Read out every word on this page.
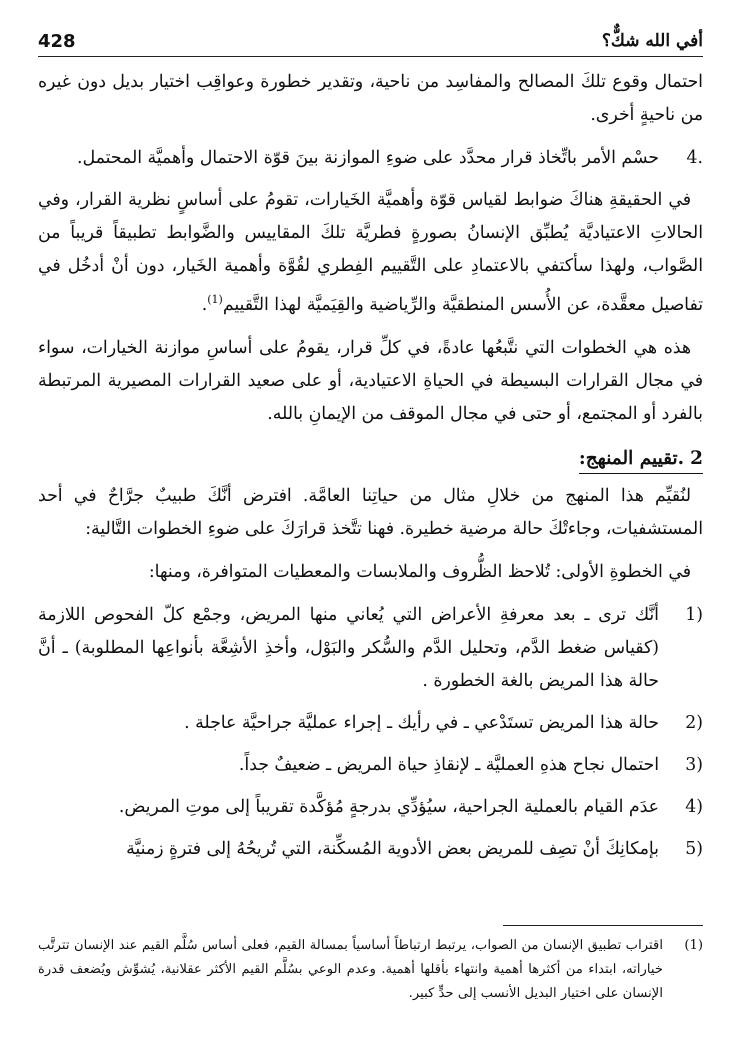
أفي الله شكٌّ؟
428

احتمال وقوع تلكَ المصالح والمفاسِد من ناحية، وتقدير خطورة وعواقِب اختيار بديل دون غيره من ناحيةٍ أخرى.

4.
حسْم الأمر باتِّخاذ قرار محدَّد على ضوءِ الموازنة بينَ قوّة الاحتمال وأهميَّة المحتمل.

في الحقيقةِ هناكَ ضوابط لقياس قوّة وأهميَّة الخَيارات، تقومُ على أساسٍ نظرية القرار، وفي الحالاتِ الاعتياديَّة يُطبِّق الإنسانُ بصورةٍ فطريَّة تلكَ المقاييس والضَّوابط تطبيقاً قريباً من الصَّواب، ولهذا سأكتفي بالاعتمادِ على التَّقييم الفِطري لقُوَّة وأهمية الخَيار، دون أنْ أدخُل في تفاصيل معقَّدة، عن الأُسس المنطقيَّة والرِّياضية والقِيَميَّة لهذا التَّقييم$^{(1)}$.

هذه هي الخطوات التي نتَّبعُها عادةً، في كلِّ قرار، يقومُ على أساسِ موازنة الخيارات، سواء في مجال القرارات البسيطة في الحياةِ الاعتيادية، أو على صعيد القرارات المصيرية المرتبطة بالفرد أو المجتمع، أو حتى في مجال الموقف من الإيمانِ بالله.

2.تقييم المنهج:

لنُقيِّم هذا المنهج من خلالِ مثال من حياتِنا العامَّة. افترض أنَّكَ طبيبٌ جرَّاحٌ في أحد المستشفيات، وجاءتْكَ حالة مرضية خطيرة. فهنا تتَّخذ قرارَكَ على ضوءِ الخطوات التَّالية:

في الخطوةِ الأولى: تُلاحظ الظُّروف والملابسات والمعطيات المتوافرة، ومنها:

1)
أنَّك ترى ـ بعد معرفةِ الأعراض التي يُعاني منها المريض، وجمْع كلّ الفحوص اللازمة (كقياس ضغط الدَّم، وتحليل الدَّم والسُّكر والبَوْل، وأخذِ الأشِعَّة بأنواعِها المطلوبة) ـ أنَّ حالة هذا المريض بالغة الخطورة .
2)
حالة هذا المريض تستَدْعي ـ في رأيك ـ إجراء عمليَّة جراحيَّة عاجلة .
3)
احتمال نجاح هذهِ العمليَّة ـ لإنقاذِ حياة المريض ـ ضعيفٌ جداً.
4)
عدَم القيام بالعملية الجراحية، سيُؤدِّي بدرجةٍ مُؤكَّدة تقريباً إلى موتِ المريض.
5)
بإمكانِكَ أنْ تصِف للمريض بعض الأدوية المُسكِّنة، التي تُريحُهُ إلى فترةٍ زمنيَّة
(1)
اقتراب تطبيق الإنسان من الصواب، يرتبط ارتباطاً أساسياً بمسالة القيم، فعلى أساس سُلَّم القيم عند الإنسان تترتَّب خياراته، ابتداء من أكثرها أهمية وانتهاء بأقلها أهمية. وعدم الوعي بسُلَّم القيم الأكثر عقلانية، يُشوِّش ويُضعف قدرة الإنسان على اختيار البديل الأنسب إلى حدٍّ كبير.
